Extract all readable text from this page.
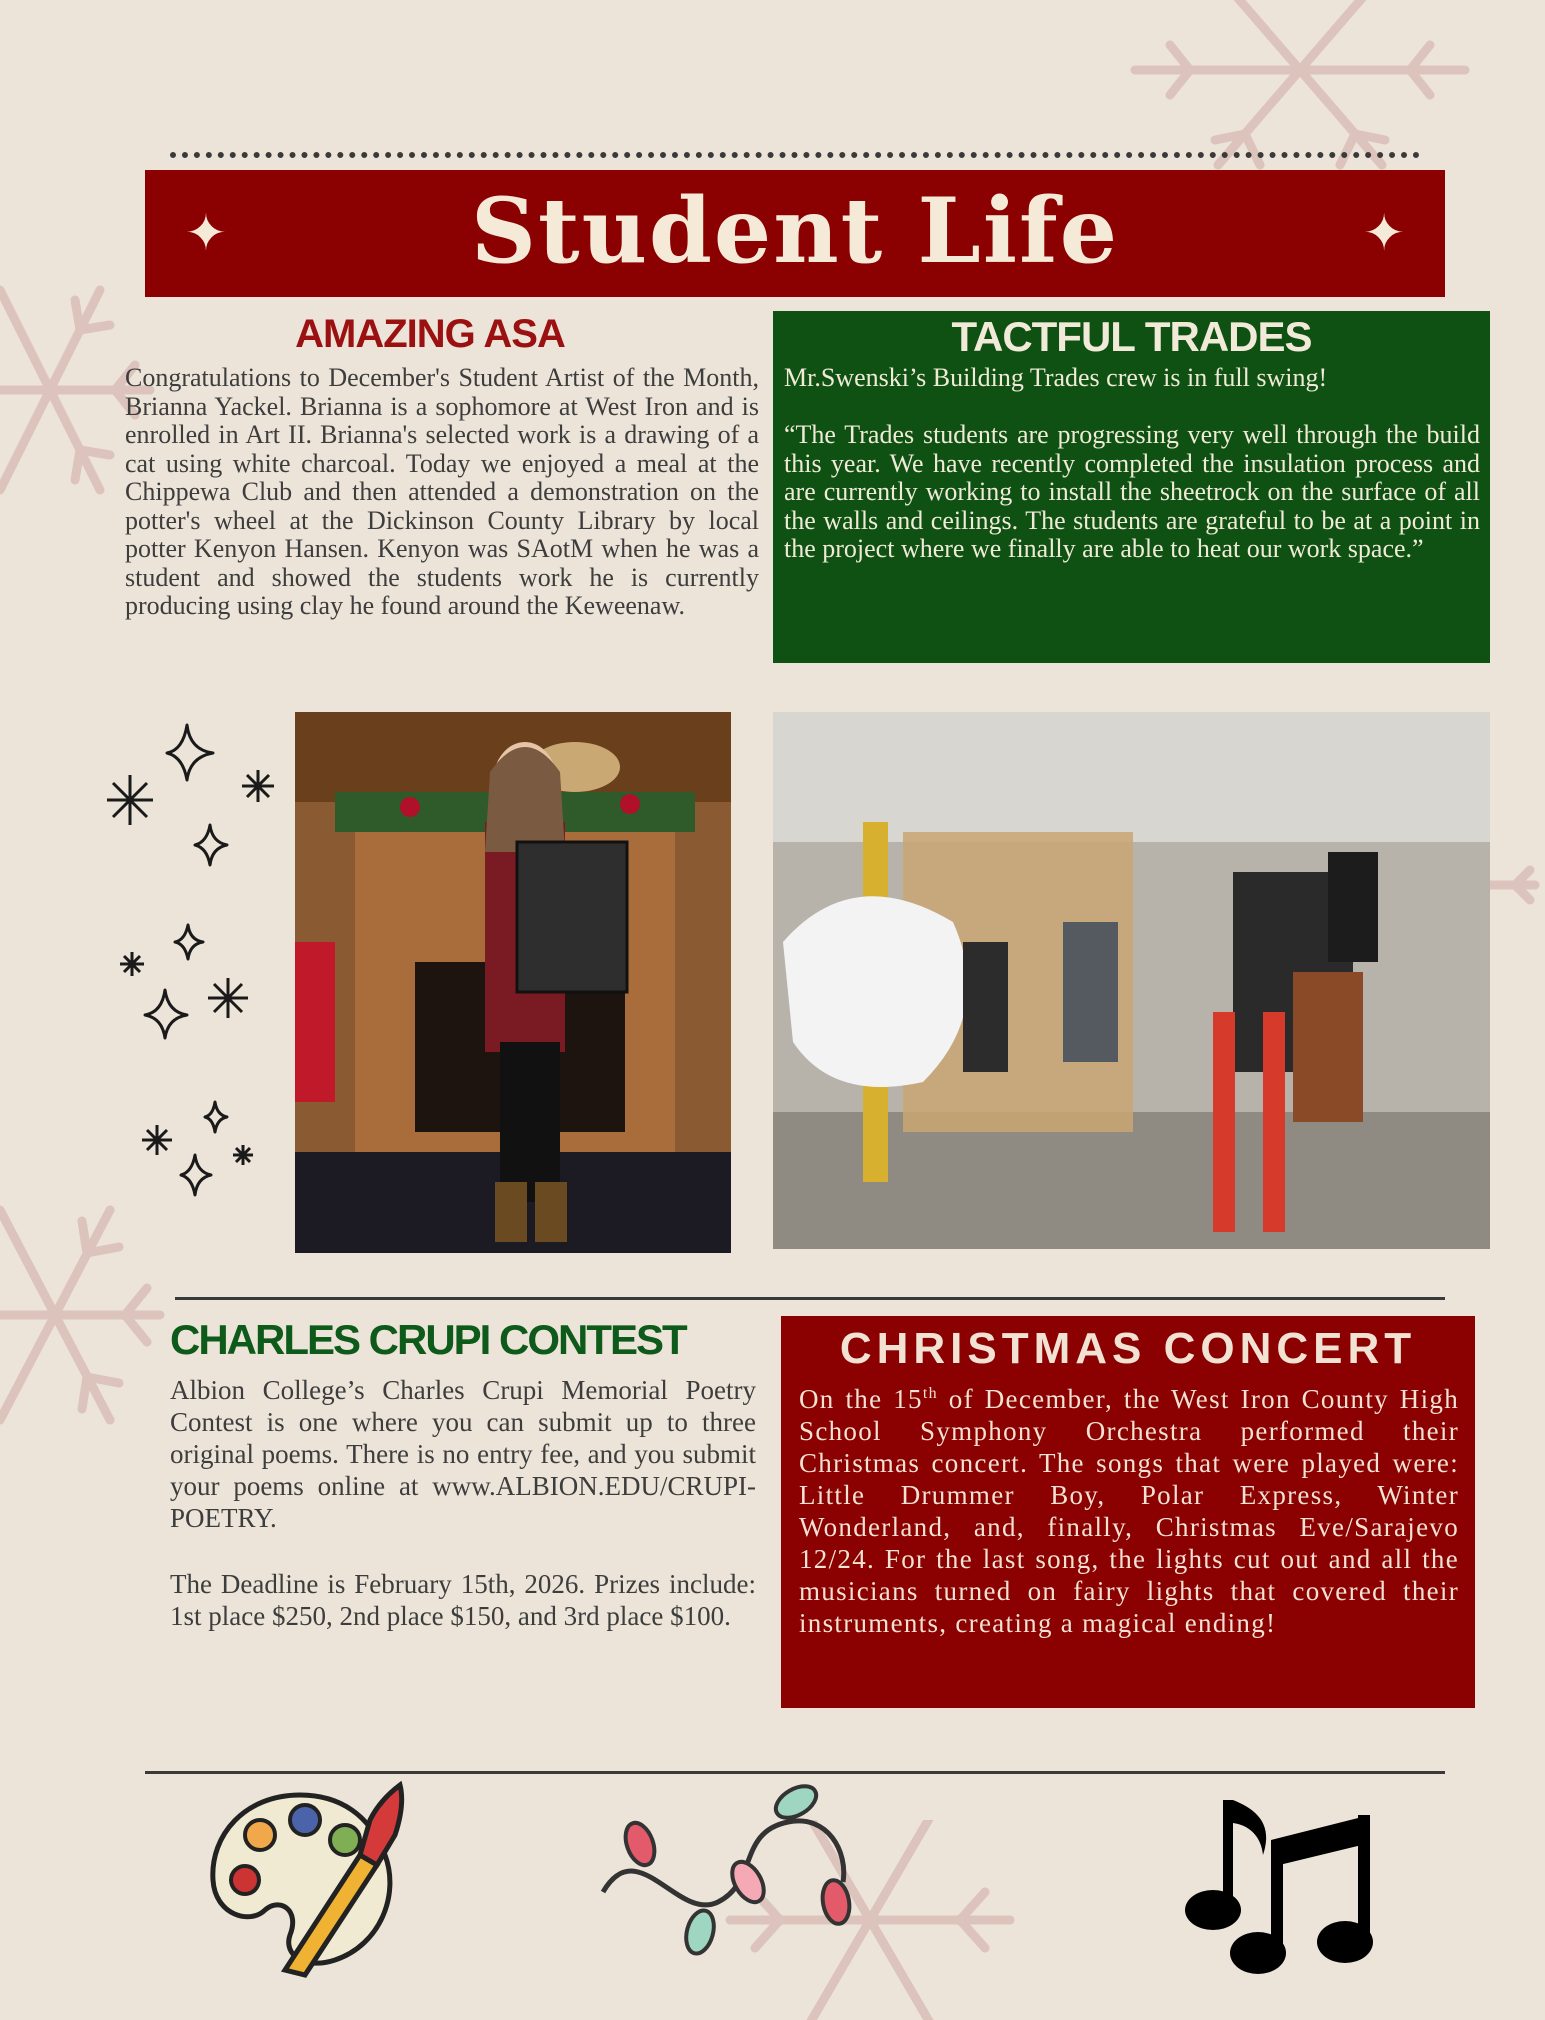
✦	Student Life	✦
AMAZING ASA
Congratulations to December's Student Artist of the Month, Brianna Yackel. Brianna is a sophomore at West Iron and is enrolled in Art II. Brianna's selected work is a drawing of a cat using white charcoal. Today we enjoyed a meal at the Chippewa Club and then attended a demonstration on the potter's wheel at the Dickinson County Library by local potter Kenyon Hansen. Kenyon was SAotM when he was a student and showed the students work he is currently producing using clay he found around the Keweenaw.
TACTFUL TRADES
Mr.Swenski’s Building Trades crew is in full swing!
“The Trades students are progressing very well through the build this year. We have recently completed the insulation process and are currently working to install the sheetrock on the surface of all the walls and ceilings. The students are grateful to be at a point in the project where we finally are able to heat our work space.”
CHARLES CRUPI CONTEST
Albion College’s Charles Crupi Memorial Poetry Contest is one where you can submit up to three original poems. There is no entry fee, and you submit your poems online at www.ALBION.EDU/CRUPI-POETRY.
The Deadline is February 15th, 2026. Prizes include: 1st place $250, 2nd place $150, and 3rd place $100.
CHRISTMAS CONCERT
On the 15th of December, the West Iron County High School Symphony Orchestra performed their Christmas concert. The songs that were played were: Little Drummer Boy, Polar Express, Winter Wonderland, and, finally, Christmas Eve/Sarajevo 12/24. For the last song, the lights cut out and all the musicians turned on fairy lights that covered their instruments, creating a magical ending!
